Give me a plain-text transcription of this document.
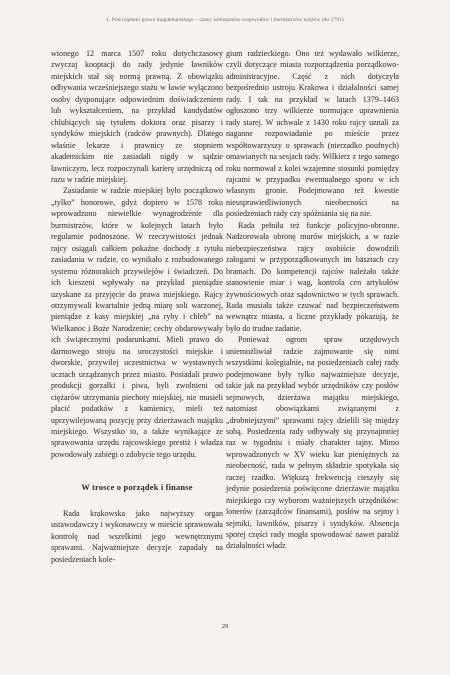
1. Pod rządami prawa magdeburskiego – czasy sobiepanów-wojewodów i burmistrzów wójtów (do 1791)

wionego 12 marca 1507 roku dotychczasowy zwyczaj kooptacji do rady jedynie ławników miejskich stał się normą prawną. Z obowiązku odbywania wcześniejszego stażu w ławie wyłączono osoby dysponujące odpowiednim doświadczeniem lub wykształceniem, na przykład kandydatów chlubiących się tytułem doktora oraz pisarzy i syndyków miejskich (radców prawnych). Dlatego właśnie lekarze i prawnicy ze stopniem akademickim nie zasiadali nigdy w sądzie ławniczym, lecz rozpoczynali karierę urzędniczą od razu w radzie miejskiej.

Zasiadanie w radzie miejskiej było początkowo „tylko” honorowe, gdyż dopiero w 1578 roku wprowadzono niewielkie wynagrodzenie dla burmistrzów, które w kolejnych latach było regularnie podnoszone. W rzeczywistości jednak rajcy osiągali całkiem pokaźne dochody z tytułu zasiadania w radzie, co wynikało z rozbudowanego systemu różnorakich przywilejów i świadczeń. Do ich kieszeni wpływały na przykład pieniądze uzyskane za przyjęcie do prawa miejskiego. Rajcy otrzymywali kwartalnie jedną miarę soli warzonej, pieniądze z kasy miejskiej „na ryby i chleb” na Wielkanoc i Boże Narodzenie; cechy obdarowywały ich świątecznymi podarunkami. Mieli prawo do darmowego stroju na uroczystości miejskie i dworskie, przywilej uczestnictwa w wystawnych ucztach urządzanych przez miasto. Posiadali prawo produkcji gorzałki i piwa, byli zwolnieni od ciężarów utrzymania piechoty miejskiej, nie musieli płacić podatków z kamienicy, mieli też uprzywilejowaną pozycję przy dzierżawach majątku miejskiego. Wszystko to, a także wynikające ze sprawowania urzędu rajcowskiego prestiż i władza powodowały zabiegi o zdobycie tego urzędu.

W trosce o porządek i finanse

Rada krakowska jako najwyższy organ ustawodawczy i wykonawczy w mieście sprawowała kontrolę nad wszelkimi jego wewnętrznymi sprawami. Najważniejsze decyzje zapadały na posiedzeniach kole-

gium radzieckiego. Ono też wydawało wilkierze, czyli dotyczące miasta rozporządzenia porządkowo-administracyjne. Część z nich dotyczyła bezpośrednio ustroju Krakowa i działalności samej rady. I tak na przykład w latach 1379–1463 ogłoszono trzy wilkierze normujące uprawnienia rady starej. W uchwale z 1430 roku rajcy uznali za naganne rozpowiadanie po mieście przez współtowarzyszy o sprawach (nierzadko poufnych) omawianych na sesjach rady. Wilkierz z tego samego roku normował z kolei wzajemne stosunki pomiędzy rajcami w przypadku ewentualnego sporu w ich własnym gronie. Podejmowano też kwestie nieusprawiedliwionych nieobecności na posiedzeniach rady czy spóźniania się na nie.

Rada pełniła też funkcje policyjno-obronne. Nadzorowała obronę murów miejskich, a w razie niebezpieczeństwa rajcy osobiście dowodzili załogami w przyporządkowanych im basztach czy bramach. Do kompetencji rajców należało także stanowienie miar i wag, kontrola cen artykułów żywnościowych oraz sądownictwo w tych sprawach. Rada musiała także czuwać nad bezpieczeństwem wewnątrz miasta, a liczne przykłady pokazują, że było do trudne zadanie.

Ponieważ ogrom spraw urzędowych uniemożliwiał radzie zajmowanie się nimi wszystkimi kolegialnie, na posiedzeniach całej rady podejmowane były tylko najważniejsze decyzje, takie jak na przykład wybór urzędników czy posłów sejmowych, dzierżawa majątku miejskiego, natomiast obowiązkami związanymi z „drobniejszymi” sprawami rajcy dzielili się między sobą. Posiedzenia rady odbywały się przynajmniej raz w tygodniu i miały charakter tajny. Mimo wprowadzonych w XV wieku kar pieniężnych za nieobecność, rada w pełnym składzie spotykała się raczej rzadko. Większą frekwencją cieszyły się jedynie posiedzenia poświęcone dzierżawie majątku miejskiego czy wyborom ważniejszych urzędników: lonerów (zarządców finansami), posłów na sejmy i sejmiki, ławników, pisarzy i syndyków. Absencja sporej części rady mogła spowodować nawet paraliż działalności władz

29
